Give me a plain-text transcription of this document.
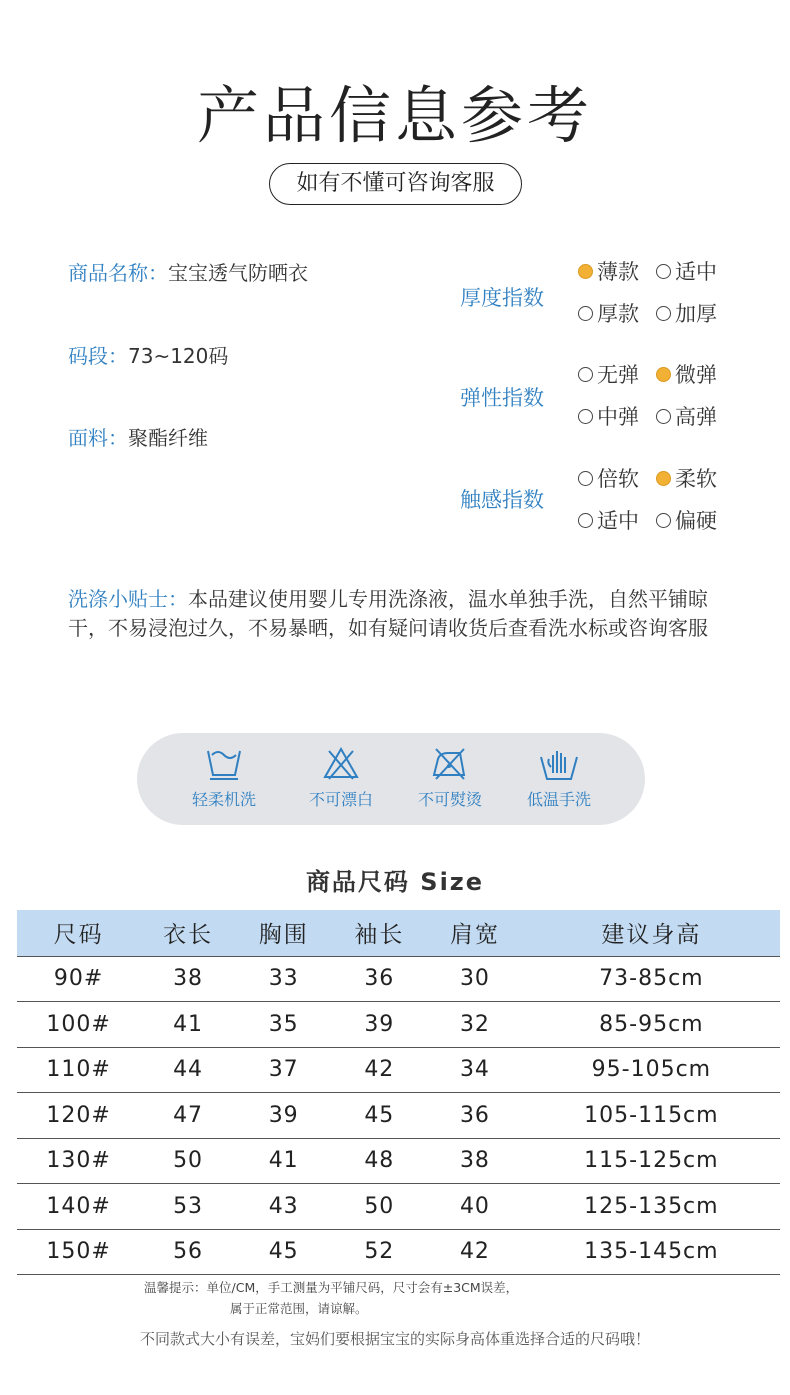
产品信息参考
如有不懂可咨询客服
商品名称：宝宝透气防晒衣
码段：73~120码
面料：聚酯纤维
厚度指数
薄款 适中
厚款 加厚
弹性指数
无弹 微弹
中弹 高弹
触感指数
倍软 柔软
适中 偏硬
洗涤小贴士：本品建议使用婴儿专用洗涤液，温水单独手洗，自然平铺晾干，不易浸泡过久，不易暴晒，如有疑问请收货后查看洗水标或咨询客服
轻柔机洗	不可漂白	不可熨烫	低温手洗
商品尺码 Size
尺码	衣长	胸围	袖长	肩宽	建议身高
90#	38	33	36	30	73-85cm
100#	41	35	39	32	85-95cm
110#	44	37	42	34	95-105cm
120#	47	39	45	36	105-115cm
130#	50	41	48	38	115-125cm
140#	53	43	50	40	125-135cm
150#	56	45	52	42	135-145cm
温馨提示：单位/CM，手工测量为平铺尺码，尺寸会有±3CM误差，
属于正常范围，请谅解。
不同款式大小有误差，宝妈们要根据宝宝的实际身高体重选择合适的尺码哦！
